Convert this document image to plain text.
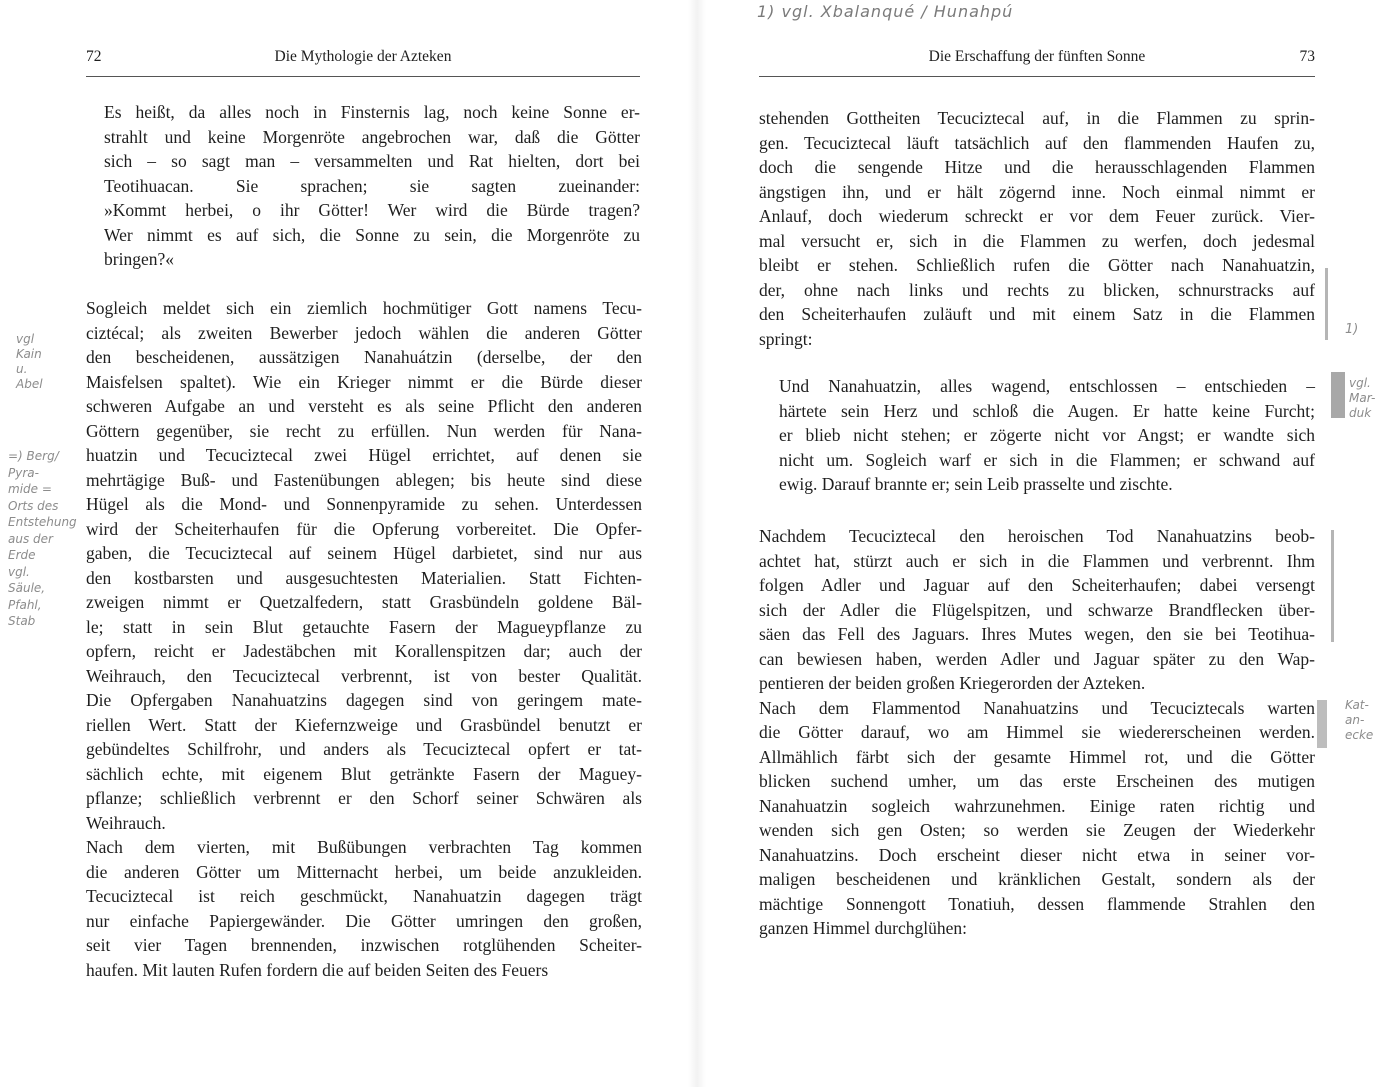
72	Die Mythologie der Azteken
Es heißt, da alles noch in Finsternis lag, noch keine Sonne er-
strahlt und keine Morgenröte angebrochen war, daß die Götter
sich – so sagt man – versammelten und Rat hielten, dort bei
Teotihuacan. Sie sprachen; sie sagten zueinander:
»Kommt herbei, o ihr Götter! Wer wird die Bürde tragen?
Wer nimmt es auf sich, die Sonne zu sein, die Morgenröte zu
bringen?«
Sogleich meldet sich ein ziemlich hochmütiger Gott namens Tecu-
ciztécal; als zweiten Bewerber jedoch wählen die anderen Götter
den bescheidenen, aussätzigen Nanahuátzin (derselbe, der den
Maisfelsen spaltet). Wie ein Krieger nimmt er die Bürde dieser
schweren Aufgabe an und versteht es als seine Pflicht den anderen
Göttern gegenüber, sie recht zu erfüllen. Nun werden für Nana-
huatzin und Tecuciztecal zwei Hügel errichtet, auf denen sie
mehrtägige Buß- und Fastenübungen ablegen; bis heute sind diese
Hügel als die Mond- und Sonnenpyramide zu sehen. Unterdessen
wird der Scheiterhaufen für die Opferung vorbereitet. Die Opfer-
gaben, die Tecuciztecal auf seinem Hügel darbietet, sind nur aus
den kostbarsten und ausgesuchtesten Materialien. Statt Fichten-
zweigen nimmt er Quetzalfedern, statt Grasbündeln goldene Bäl-
le; statt in sein Blut getauchte Fasern der Magueypflanze zu
opfern, reicht er Jadestäbchen mit Korallenspitzen dar; auch der
Weihrauch, den Tecuciztecal verbrennt, ist von bester Qualität.
Die Opfergaben Nanahuatzins dagegen sind von geringem mate-
riellen Wert. Statt der Kiefernzweige und Grasbündel benutzt er
gebündeltes Schilfrohr, und anders als Tecuciztecal opfert er tat-
sächlich echte, mit eigenem Blut getränkte Fasern der Maguey-
pflanze; schließlich verbrennt er den Schorf seiner Schwären als
Weihrauch.
Nach dem vierten, mit Bußübungen verbrachten Tag kommen
die anderen Götter um Mitternacht herbei, um beide anzukleiden.
Tecuciztecal ist reich geschmückt, Nanahuatzin dagegen trägt
nur einfache Papiergewänder. Die Götter umringen den großen,
seit vier Tagen brennenden, inzwischen rotglühenden Scheiter-
haufen. Mit lauten Rufen fordern die auf beiden Seiten des Feuers
vgl
Kain
u.
Abel
=) Berg/
Pyra-
mide =
Orts des
Entstehung
aus der
Erde
vgl.
Säule,
Pfahl,
Stab
1) vgl. Xbalanqué / Hunahpú
Die Erschaffung der fünften Sonne	73
stehenden Gottheiten Tecuciztecal auf, in die Flammen zu sprin-
gen. Tecuciztecal läuft tatsächlich auf den flammenden Haufen zu,
doch die sengende Hitze und die herausschlagenden Flammen
ängstigen ihn, und er hält zögernd inne. Noch einmal nimmt er
Anlauf, doch wiederum schreckt er vor dem Feuer zurück. Vier-
mal versucht er, sich in die Flammen zu werfen, doch jedesmal
bleibt er stehen. Schließlich rufen die Götter nach Nanahuatzin,
der, ohne nach links und rechts zu blicken, schnurstracks auf
den Scheiterhaufen zuläuft und mit einem Satz in die Flammen
springt:
Und Nanahuatzin, alles wagend, entschlossen – entschieden –
härtete sein Herz und schloß die Augen. Er hatte keine Furcht;
er blieb nicht stehen; er zögerte nicht vor Angst; er wandte sich
nicht um. Sogleich warf er sich in die Flammen; er schwand auf
ewig. Darauf brannte er; sein Leib prasselte und zischte.
Nachdem Tecuciztecal den heroischen Tod Nanahuatzins beob-
achtet hat, stürzt auch er sich in die Flammen und verbrennt. Ihm
folgen Adler und Jaguar auf den Scheiterhaufen; dabei versengt
sich der Adler die Flügelspitzen, und schwarze Brandflecken über-
säen das Fell des Jaguars. Ihres Mutes wegen, den sie bei Teotihua-
can bewiesen haben, werden Adler und Jaguar später zu den Wap-
pentieren der beiden großen Kriegerorden der Azteken.
Nach dem Flammentod Nanahuatzins und Tecuciztecals warten
die Götter darauf, wo am Himmel sie wiedererscheinen werden.
Allmählich färbt sich der gesamte Himmel rot, und die Götter
blicken suchend umher, um das erste Erscheinen des mutigen
Nanahuatzin sogleich wahrzunehmen. Einige raten richtig und
wenden sich gen Osten; so werden sie Zeugen der Wiederkehr
Nanahuatzins. Doch erscheint dieser nicht etwa in seiner vor-
maligen bescheidenen und kränklichen Gestalt, sondern als der
mächtige Sonnengott Tonatiuh, dessen flammende Strahlen den
ganzen Himmel durchglühen:
1)
vgl.
Mar-
duk
Kat-
an-
ecke
